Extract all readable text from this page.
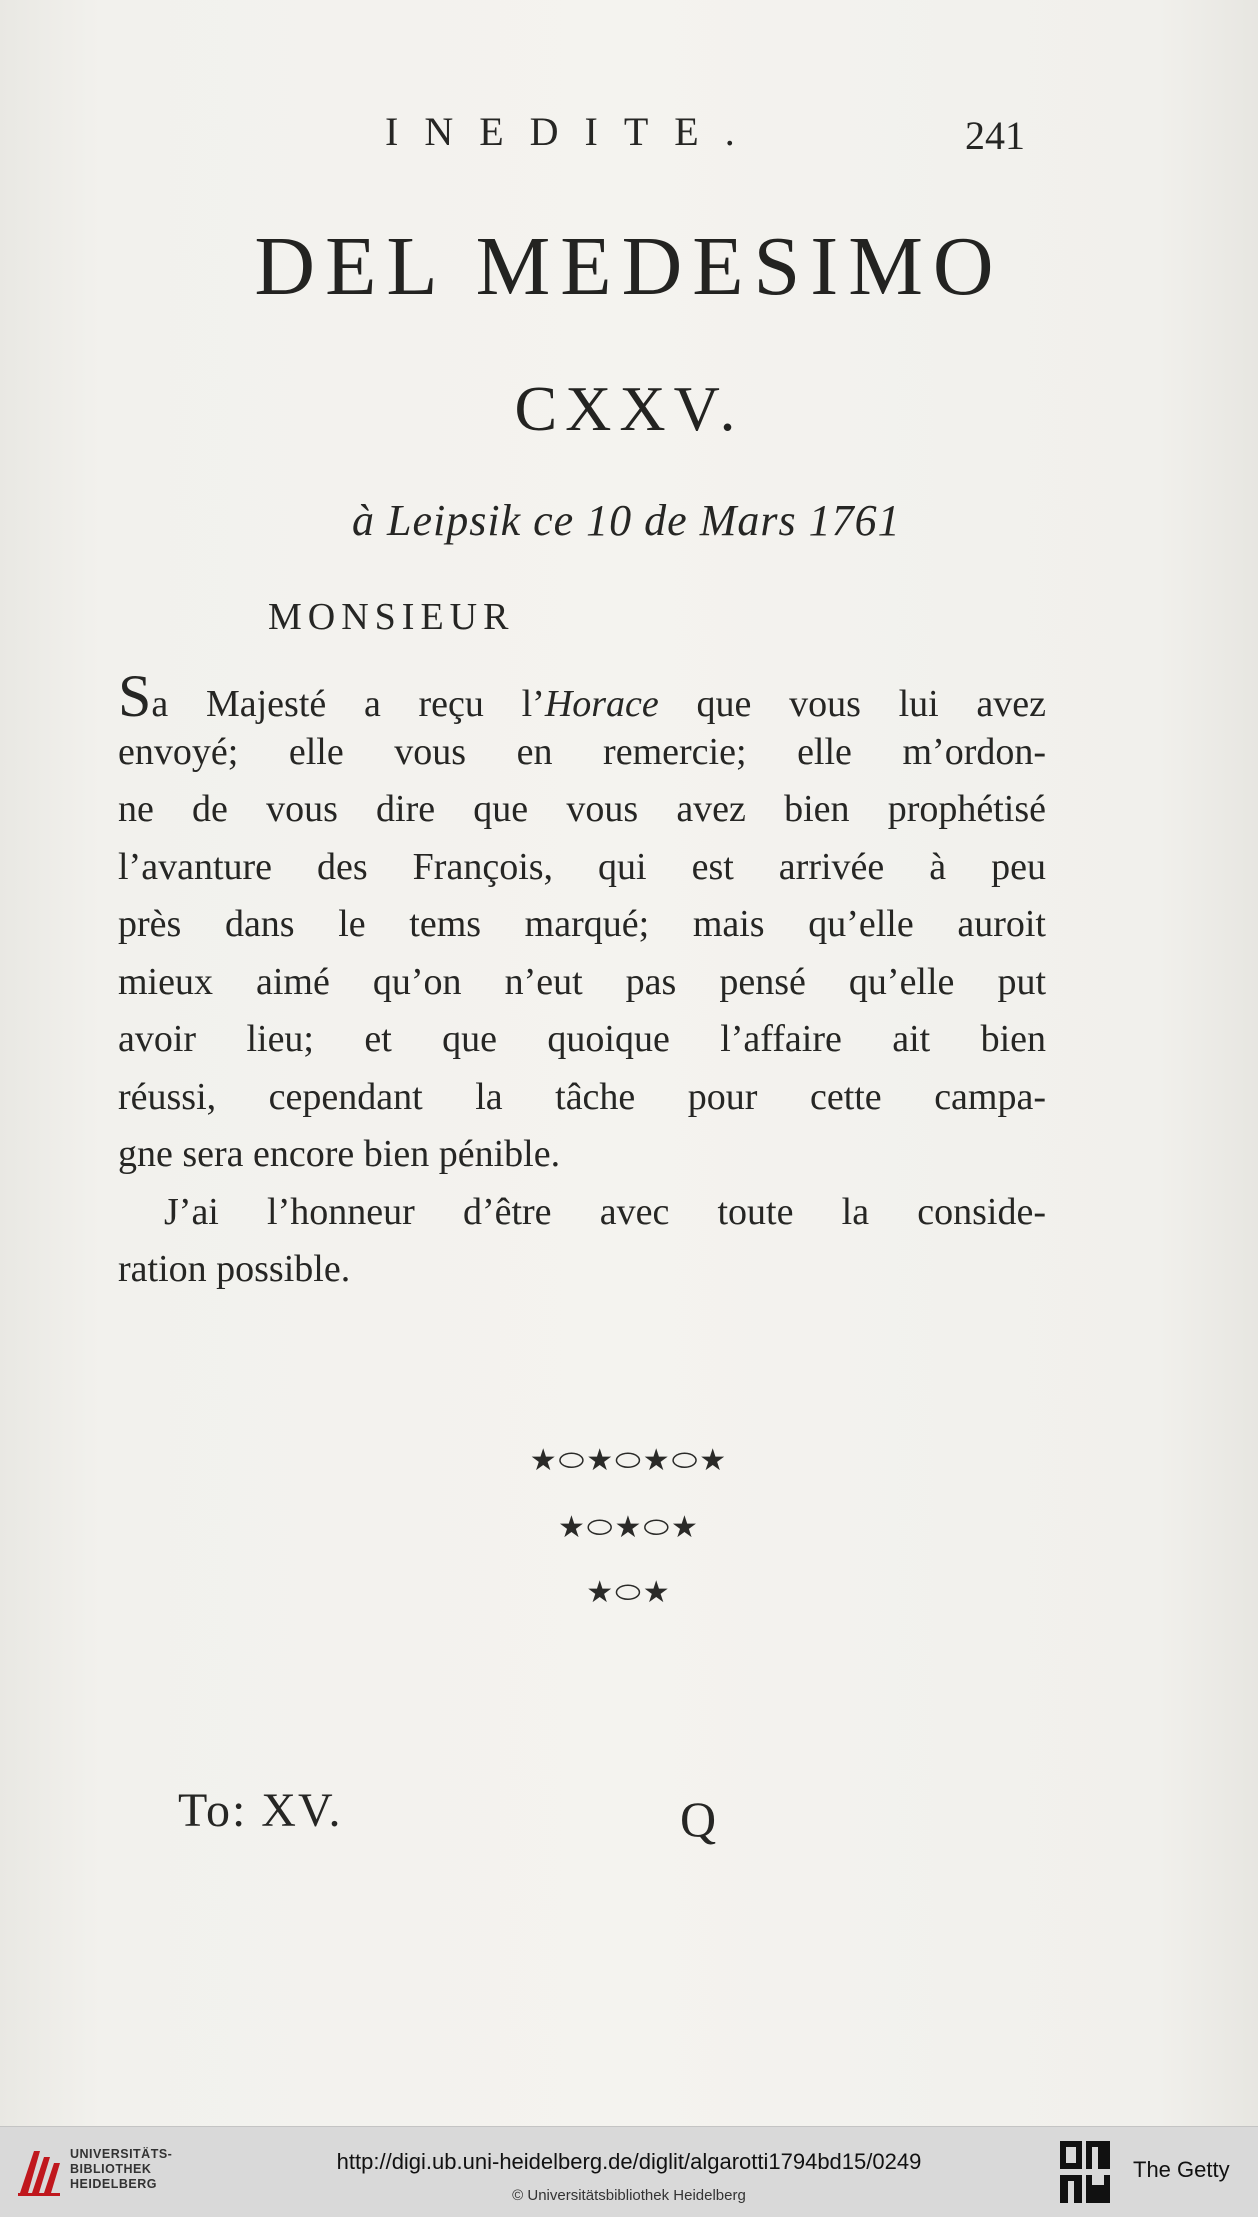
INEDITE.	241
DEL MEDESIMO
CXXV.
à Leipsik ce 10 de Mars 1761
MONSIEUR
Sa Majesté a reçu l’Horace que vous lui avez
envoyé; elle vous en remercie; elle m’ordon-
ne de vous dire que vous avez bien prophétisé
l’avanture des François, qui est arrivée à peu
près dans le tems marqué; mais qu’elle auroit
mieux aimé qu’on n’eut pas pensé qu’elle put
avoir lieu; et que quoique l’affaire ait bien
réussi, cependant la tâche pour cette campa-
gne sera encore bien pénible.
J’ai l’honneur d’être avec toute la conside-
ration possible.
★⬭★⬭★⬭★
★⬭★⬭★
★⬭★
To: XV.	Q
UNIVERSITÄTS-
BIBLIOTHEK
HEIDELBERG
http://digi.ub.uni-heidelberg.de/diglit/algarotti1794bd15/0249
© Universitätsbibliothek Heidelberg
The Getty
